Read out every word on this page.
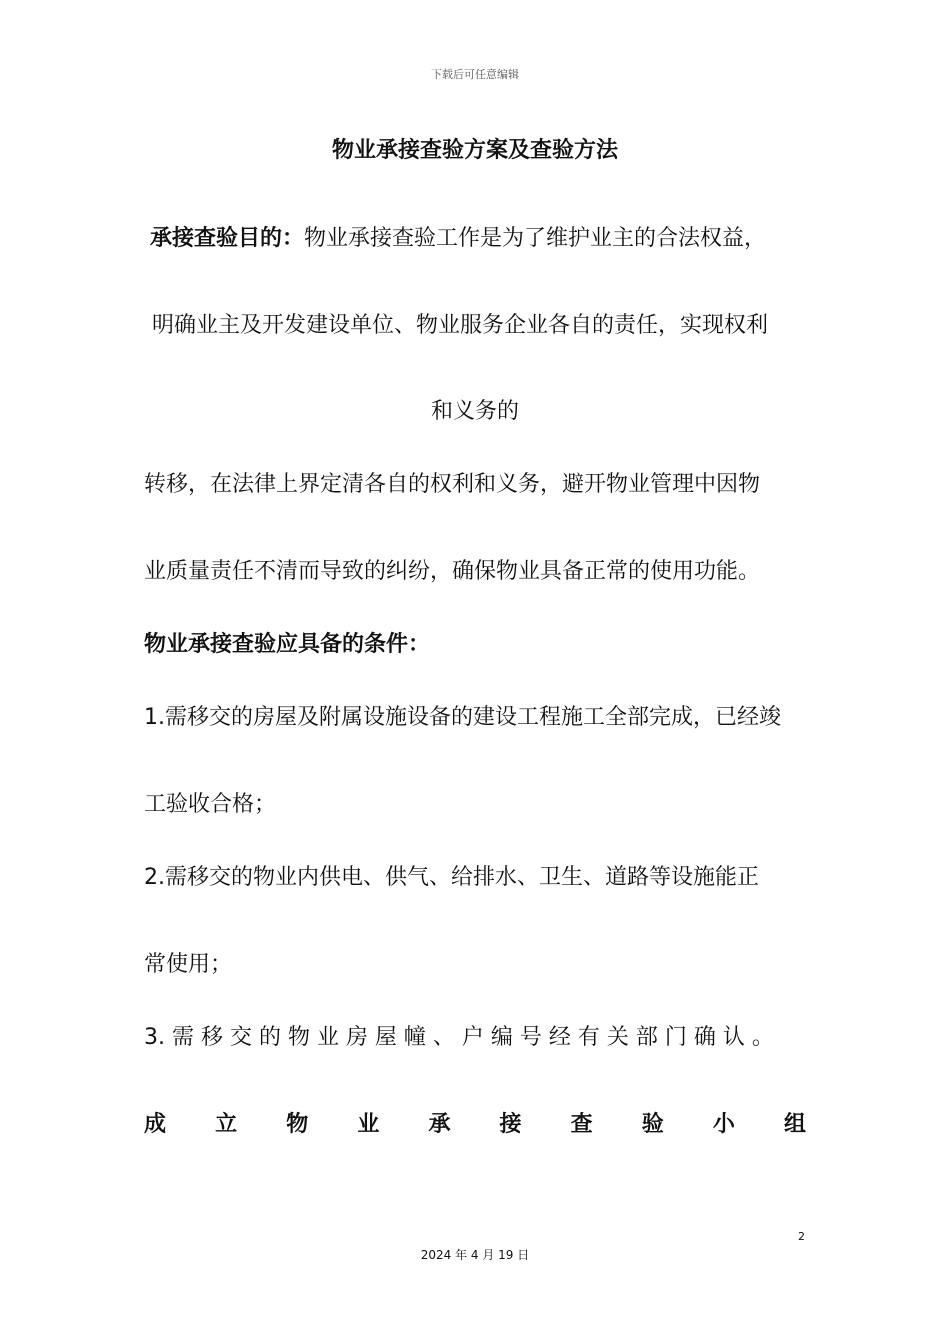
下载后可任意编辑
物业承接查验方案及查验方法
承接查验目的：物业承接查验工作是为了维护业主的合法权益，
明确业主及开发建设单位、物业服务企业各自的责任，实现权利
和义务的
转移，在法律上界定清各自的权利和义务，避开物业管理中因物
业质量责任不清而导致的纠纷，确保物业具备正常的使用功能。
物业承接查验应具备的条件：
1.需移交的房屋及附属设施设备的建设工程施工全部完成，已经竣
工验收合格；
2.需移交的物业内供电、供气、给排水、卫生、道路等设施能正
常使用；
3. 需 移 交 的 物 业 房 屋 幢 、 户 编 号 经 有 关 部 门 确 认 。
成 立 物 业 承 接 查 验 小 组
2
2024 年 4 月 19 日
